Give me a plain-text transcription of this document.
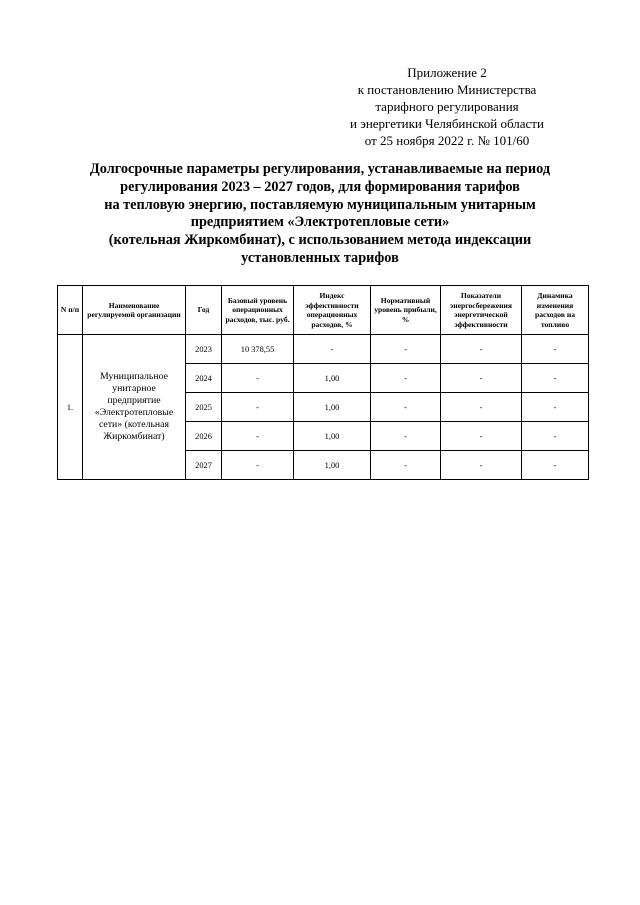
Приложение 2
к постановлению Министерства
тарифного регулирования
и энергетики Челябинской области
от 25 ноября 2022 г. № 101/60
Долгосрочные параметры регулирования, устанавливаемые на период
регулирования 2023 – 2027 годов, для формирования тарифов
на тепловую энергию, поставляемую муниципальным унитарным
предприятием «Электротепловые сети»
(котельная Жиркомбинат), с использованием метода индексации
установленных тарифов
N п/п	Наименование регулируемой организации	Год	Базовый уровень операционных расходов, тыс. руб.	Индекс эффективности операционных расходов, %	Нормативный уровень прибыли, %	Показатели энергосбережения энергетической эффективности	Динамика изменения расходов на топливо
1.	Муниципальное унитарное предприятие «Электротепловые сети» (котельная Жиркомбинат)	2023	10 378,55	-	-	-	-
		2024	-	1,00	-	-	-
		2025	-	1,00	-	-	-
		2026	-	1,00	-	-	-
		2027	-	1,00	-	-	-
